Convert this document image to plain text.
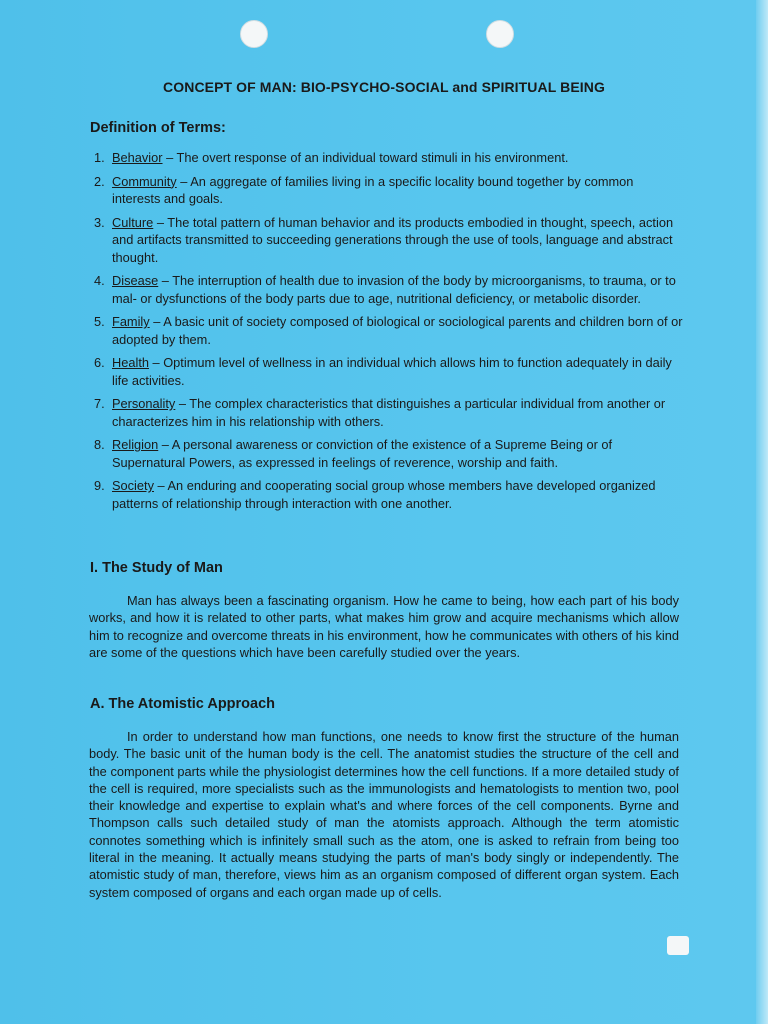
CONCEPT OF MAN: BIO-PSYCHO-SOCIAL and SPIRITUAL BEING
Definition of Terms:
1. Behavior – The overt response of an individual toward stimuli in his environment.
2. Community – An aggregate of families living in a specific locality bound together by common interests and goals.
3. Culture – The total pattern of human behavior and its products embodied in thought, speech, action and artifacts transmitted to succeeding generations through the use of tools, language and abstract thought.
4. Disease – The interruption of health due to invasion of the body by microorganisms, to trauma, or to mal- or dysfunctions of the body parts due to age, nutritional deficiency, or metabolic disorder.
5. Family – A basic unit of society composed of biological or sociological parents and children born of or adopted by them.
6. Health – Optimum level of wellness in an individual which allows him to function adequately in daily life activities.
7. Personality – The complex characteristics that distinguishes a particular individual from another or characterizes him in his relationship with others.
8. Religion – A personal awareness or conviction of the existence of a Supreme Being or of Supernatural Powers, as expressed in feelings of reverence, worship and faith.
9. Society – An enduring and cooperating social group whose members have developed organized patterns of relationship through interaction with one another.
I. The Study of Man

Man has always been a fascinating organism. How he came to being, how each part of his body works, and how it is related to other parts, what makes him grow and acquire mechanisms which allow him to recognize and overcome threats in his environment, how he communicates with others of his kind are some of the questions which have been carefully studied over the years.

A. The Atomistic Approach

In order to understand how man functions, one needs to know first the structure of the human body. The basic unit of the human body is the cell. The anatomist studies the structure of the cell and the component parts while the physiologist determines how the cell functions. If a more detailed study of the cell is required, more specialists such as the immunologists and hematologists to mention two, pool their knowledge and expertise to explain what's and where forces of the cell components. Byrne and Thompson calls such detailed study of man the atomists approach. Although the term atomistic connotes something which is infinitely small such as the atom, one is asked to refrain from being too literal in the meaning. It actually means studying the parts of man's body singly or independently. The atomistic study of man, therefore, views him as an organism composed of different organ system. Each system composed of organs and each organ made up of cells.
